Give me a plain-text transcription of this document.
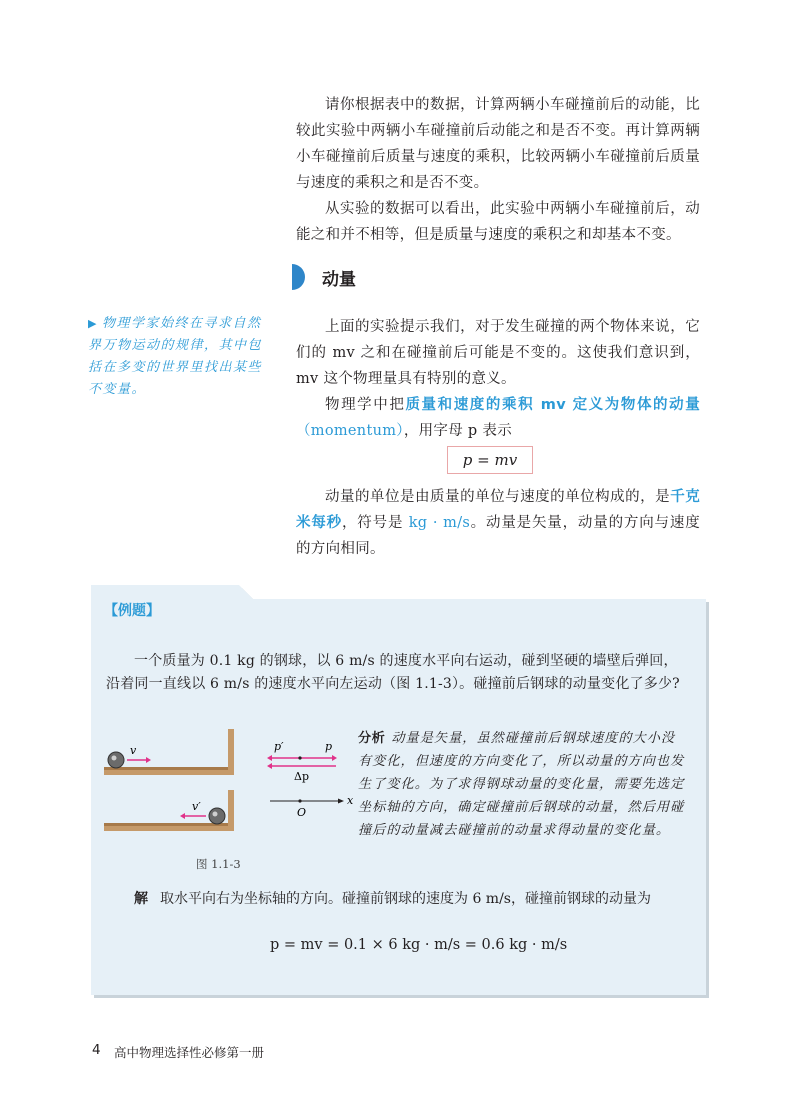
请你根据表中的数据，计算两辆小车碰撞前后的动能，比较此实验中两辆小车碰撞前后动能之和是否不变。再计算两辆小车碰撞前后质量与速度的乘积，比较两辆小车碰撞前后质量与速度的乘积之和是否不变。

从实验的数据可以看出，此实验中两辆小车碰撞前后，动能之和并不相等，但是质量与速度的乘积之和却基本不变。

动量
▶ 物理学家始终在寻求自然界万物运动的规律，其中包括在多变的世界里找出某些不变量。

上面的实验提示我们，对于发生碰撞的两个物体来说，它们的 mv 之和在碰撞前后可能是不变的。这使我们意识到，mv 这个物理量具有特别的意义。

物理学中把质量和速度的乘积 mv 定义为物体的动量（momentum），用字母 p 表示

p = mv

动量的单位是由质量的单位与速度的单位构成的，是千克米每秒，符号是 kg · m/s。动量是矢量，动量的方向与速度的方向相同。

【例题】

一个质量为 0.1 kg 的钢球，以 6 m/s 的速度水平向右运动，碰到坚硬的墙壁后弹回，沿着同一直线以 6 m/s 的速度水平向左运动（图 1.1-3）。碰撞前后钢球的动量变化了多少?

v
v′
p′	p
Δp
O
x
图 1.1-3

分析 动量是矢量，虽然碰撞前后钢球速度的大小没有变化，但速度的方向变化了，所以动量的方向也发生了变化。为了求得钢球动量的变化量，需要先选定坐标轴的方向，确定碰撞前后钢球的动量，然后用碰撞后的动量减去碰撞前的动量求得动量的变化量。

解 取水平向右为坐标轴的方向。碰撞前钢球的速度为 6 m/s，碰撞前钢球的动量为

p = mv = 0.1 × 6 kg · m/s = 0.6 kg · m/s
4 高中物理选择性必修第一册
